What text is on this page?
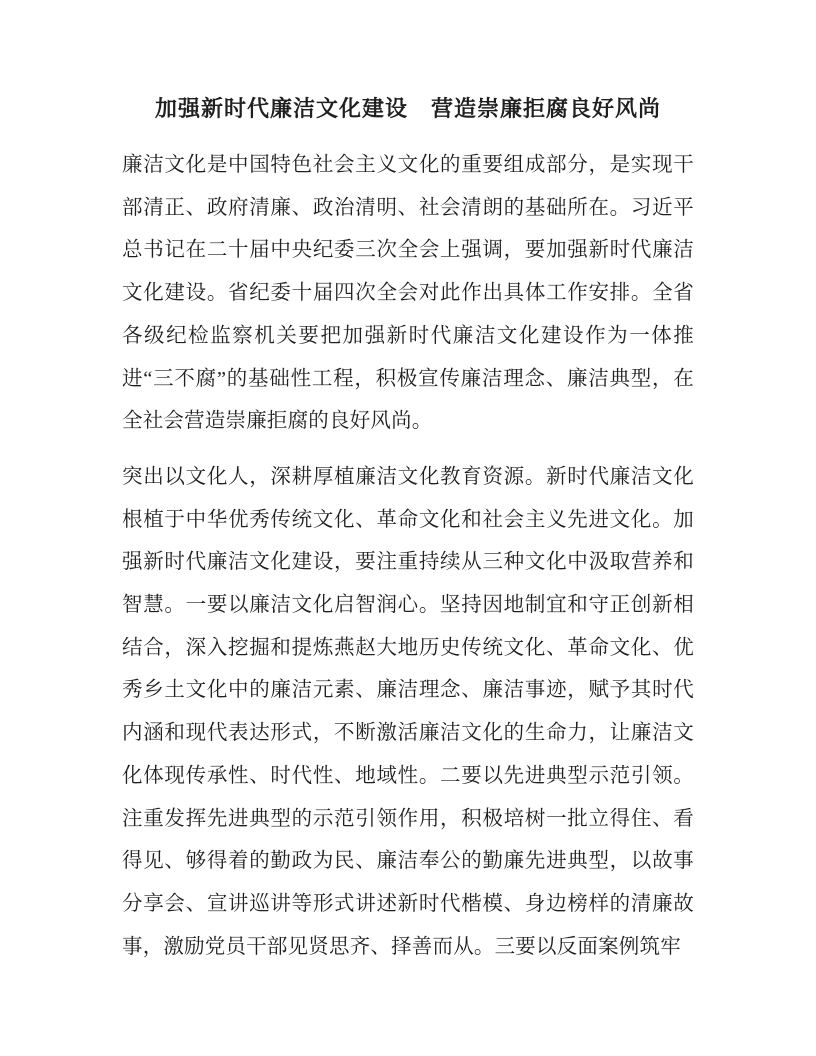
加强新时代廉洁文化建设　营造崇廉拒腐良好风尚

廉洁文化是中国特色社会主义文化的重要组成部分，是实现干部清正、政府清廉、政治清明、社会清朗的基础所在。习近平总书记在二十届中央纪委三次全会上强调，要加强新时代廉洁文化建设。省纪委十届四次全会对此作出具体工作安排。全省各级纪检监察机关要把加强新时代廉洁文化建设作为一体推进“三不腐”的基础性工程，积极宣传廉洁理念、廉洁典型，在全社会营造崇廉拒腐的良好风尚。

突出以文化人，深耕厚植廉洁文化教育资源。新时代廉洁文化根植于中华优秀传统文化、革命文化和社会主义先进文化。加强新时代廉洁文化建设，要注重持续从三种文化中汲取营养和智慧。一要以廉洁文化启智润心。坚持因地制宜和守正创新相结合，深入挖掘和提炼燕赵大地历史传统文化、革命文化、优秀乡土文化中的廉洁元素、廉洁理念、廉洁事迹，赋予其时代内涵和现代表达形式，不断激活廉洁文化的生命力，让廉洁文化体现传承性、时代性、地域性。二要以先进典型示范引领。注重发挥先进典型的示范引领作用，积极培树一批立得住、看得见、够得着的勤政为民、廉洁奉公的勤廉先进典型，以故事分享会、宣讲巡讲等形式讲述新时代楷模、身边榜样的清廉故事，激励党员干部见贤思齐、择善而从。三要以反面案例筑牢
